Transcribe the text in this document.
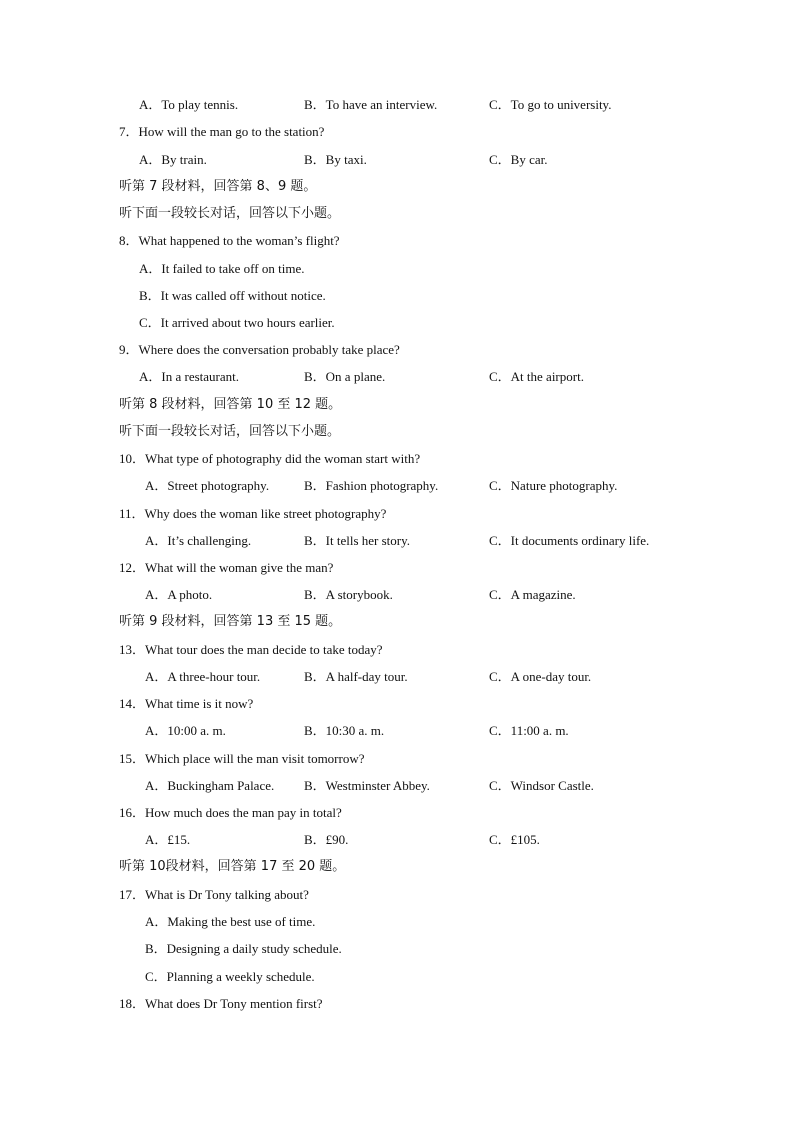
A．To play tennis.	B．To have an interview.	C．To go to university.
7．How will the man go to the station?
A．By train.	B．By taxi.	C．By car.
听第 7 段材料，回答第 8、9 题。
听下面一段较长对话，回答以下小题。
8．What happened to the woman’s flight?
A．It failed to take off on time.
B．It was called off without notice.
C．It arrived about two hours earlier.
9．Where does the conversation probably take place?
A．In a restaurant.	B．On a plane.	C．At the airport.
听第 8 段材料，回答第 10 至 12 题。
听下面一段较长对话，回答以下小题。
10．What type of photography did the woman start with?
A．Street photography.	B．Fashion photography.	C．Nature photography.
11．Why does the woman like street photography?
A．It’s challenging.	B．It tells her story.	C．It documents ordinary life.
12．What will the woman give the man?
A．A photo.	B．A storybook.	C．A magazine.
听第 9 段材料，回答第 13 至 15 题。
13．What tour does the man decide to take today?
A．A three-hour tour.	B．A half-day tour.	C．A one-day tour.
14．What time is it now?
A．10:00 a. m.	B．10:30 a. m.	C．11:00 a. m.
15．Which place will the man visit tomorrow?
A．Buckingham Palace. B．Westminster Abbey.	C．Windsor Castle.
16．How much does the man pay in total?
A．£15.	B．£90.	C．£105.
听第 10段材料，回答第 17 至 20 题。
17．What is Dr Tony talking about?
A．Making the best use of time.
B．Designing a daily study schedule.
C．Planning a weekly schedule.
18．What does Dr Tony mention first?
